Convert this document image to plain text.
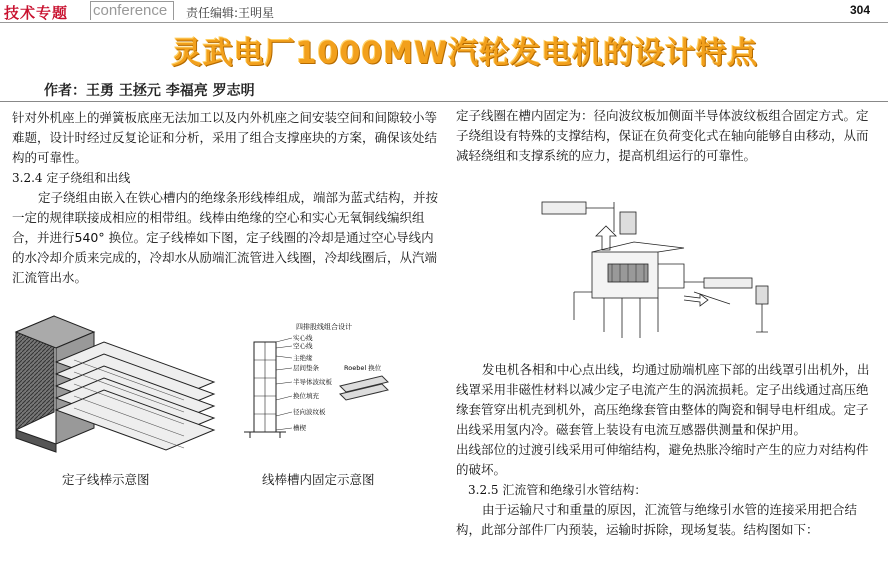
技术专题 conference	责任编辑:王明星	304
灵武电厂1000MW汽轮发电机的设计特点
作者：王勇 王拯元 李福亮 罗志明

针对外机座上的弹簧板底座无法加工以及内外机座之间安装空间和间隙较小等难题，设计时经过反复论证和分析，采用了组合支撑座块的方案，确保该处结构的可靠性。

3.2.4 定子绕组和出线

定子绕组由嵌入在铁心槽内的绝缘条形线棒组成，端部为蓝式结构，并按一定的规律联接成相应的相带组。线棒由绝缘的空心和实心无氧铜线编织组合，并进行540° 换位。定子线棒如下图，定子线圈的冷却是通过空心导线内的水冷却介质来完成的，冷却水从励端汇流管进入线圈，冷却线圈后，从汽端汇流管出水。

定子线棒示意图
四排股线组合设计
实心线
空心线
主绝缘
层间垫条
半导体波纹板
换位填充
径向波纹板
槽楔
Roebel 换位
线棒槽内固定示意图

定子线圈在槽内固定为：径向波纹板加侧面半导体波纹板组合固定方式。定子绕组设有特殊的支撑结构，保证在负荷变化式在轴向能够自由移动，从而减轻绕组和支撑系统的应力，提高机组运行的可靠性。

发电机各相和中心点出线，均通过励端机座下部的出线罩引出机外，出线罩采用非磁性材料以减少定子电流产生的涡流损耗。定子出线通过高压绝缘套管穿出机壳到机外，高压绝缘套管由整体的陶瓷和铜导电杆组成。定子出线采用氢内冷。磁套管上装设有电流互感器供测量和保护用。

出线部位的过渡引线采用可伸缩结构，避免热胀冷缩时产生的应力对结构件的破坏。

3.2.5 汇流管和绝缘引水管结构：

由于运输尺寸和重量的原因，汇流管与绝缘引水管的连接采用把合结构，此部分部件厂内预装，运输时拆除，现场复装。结构图如下：
